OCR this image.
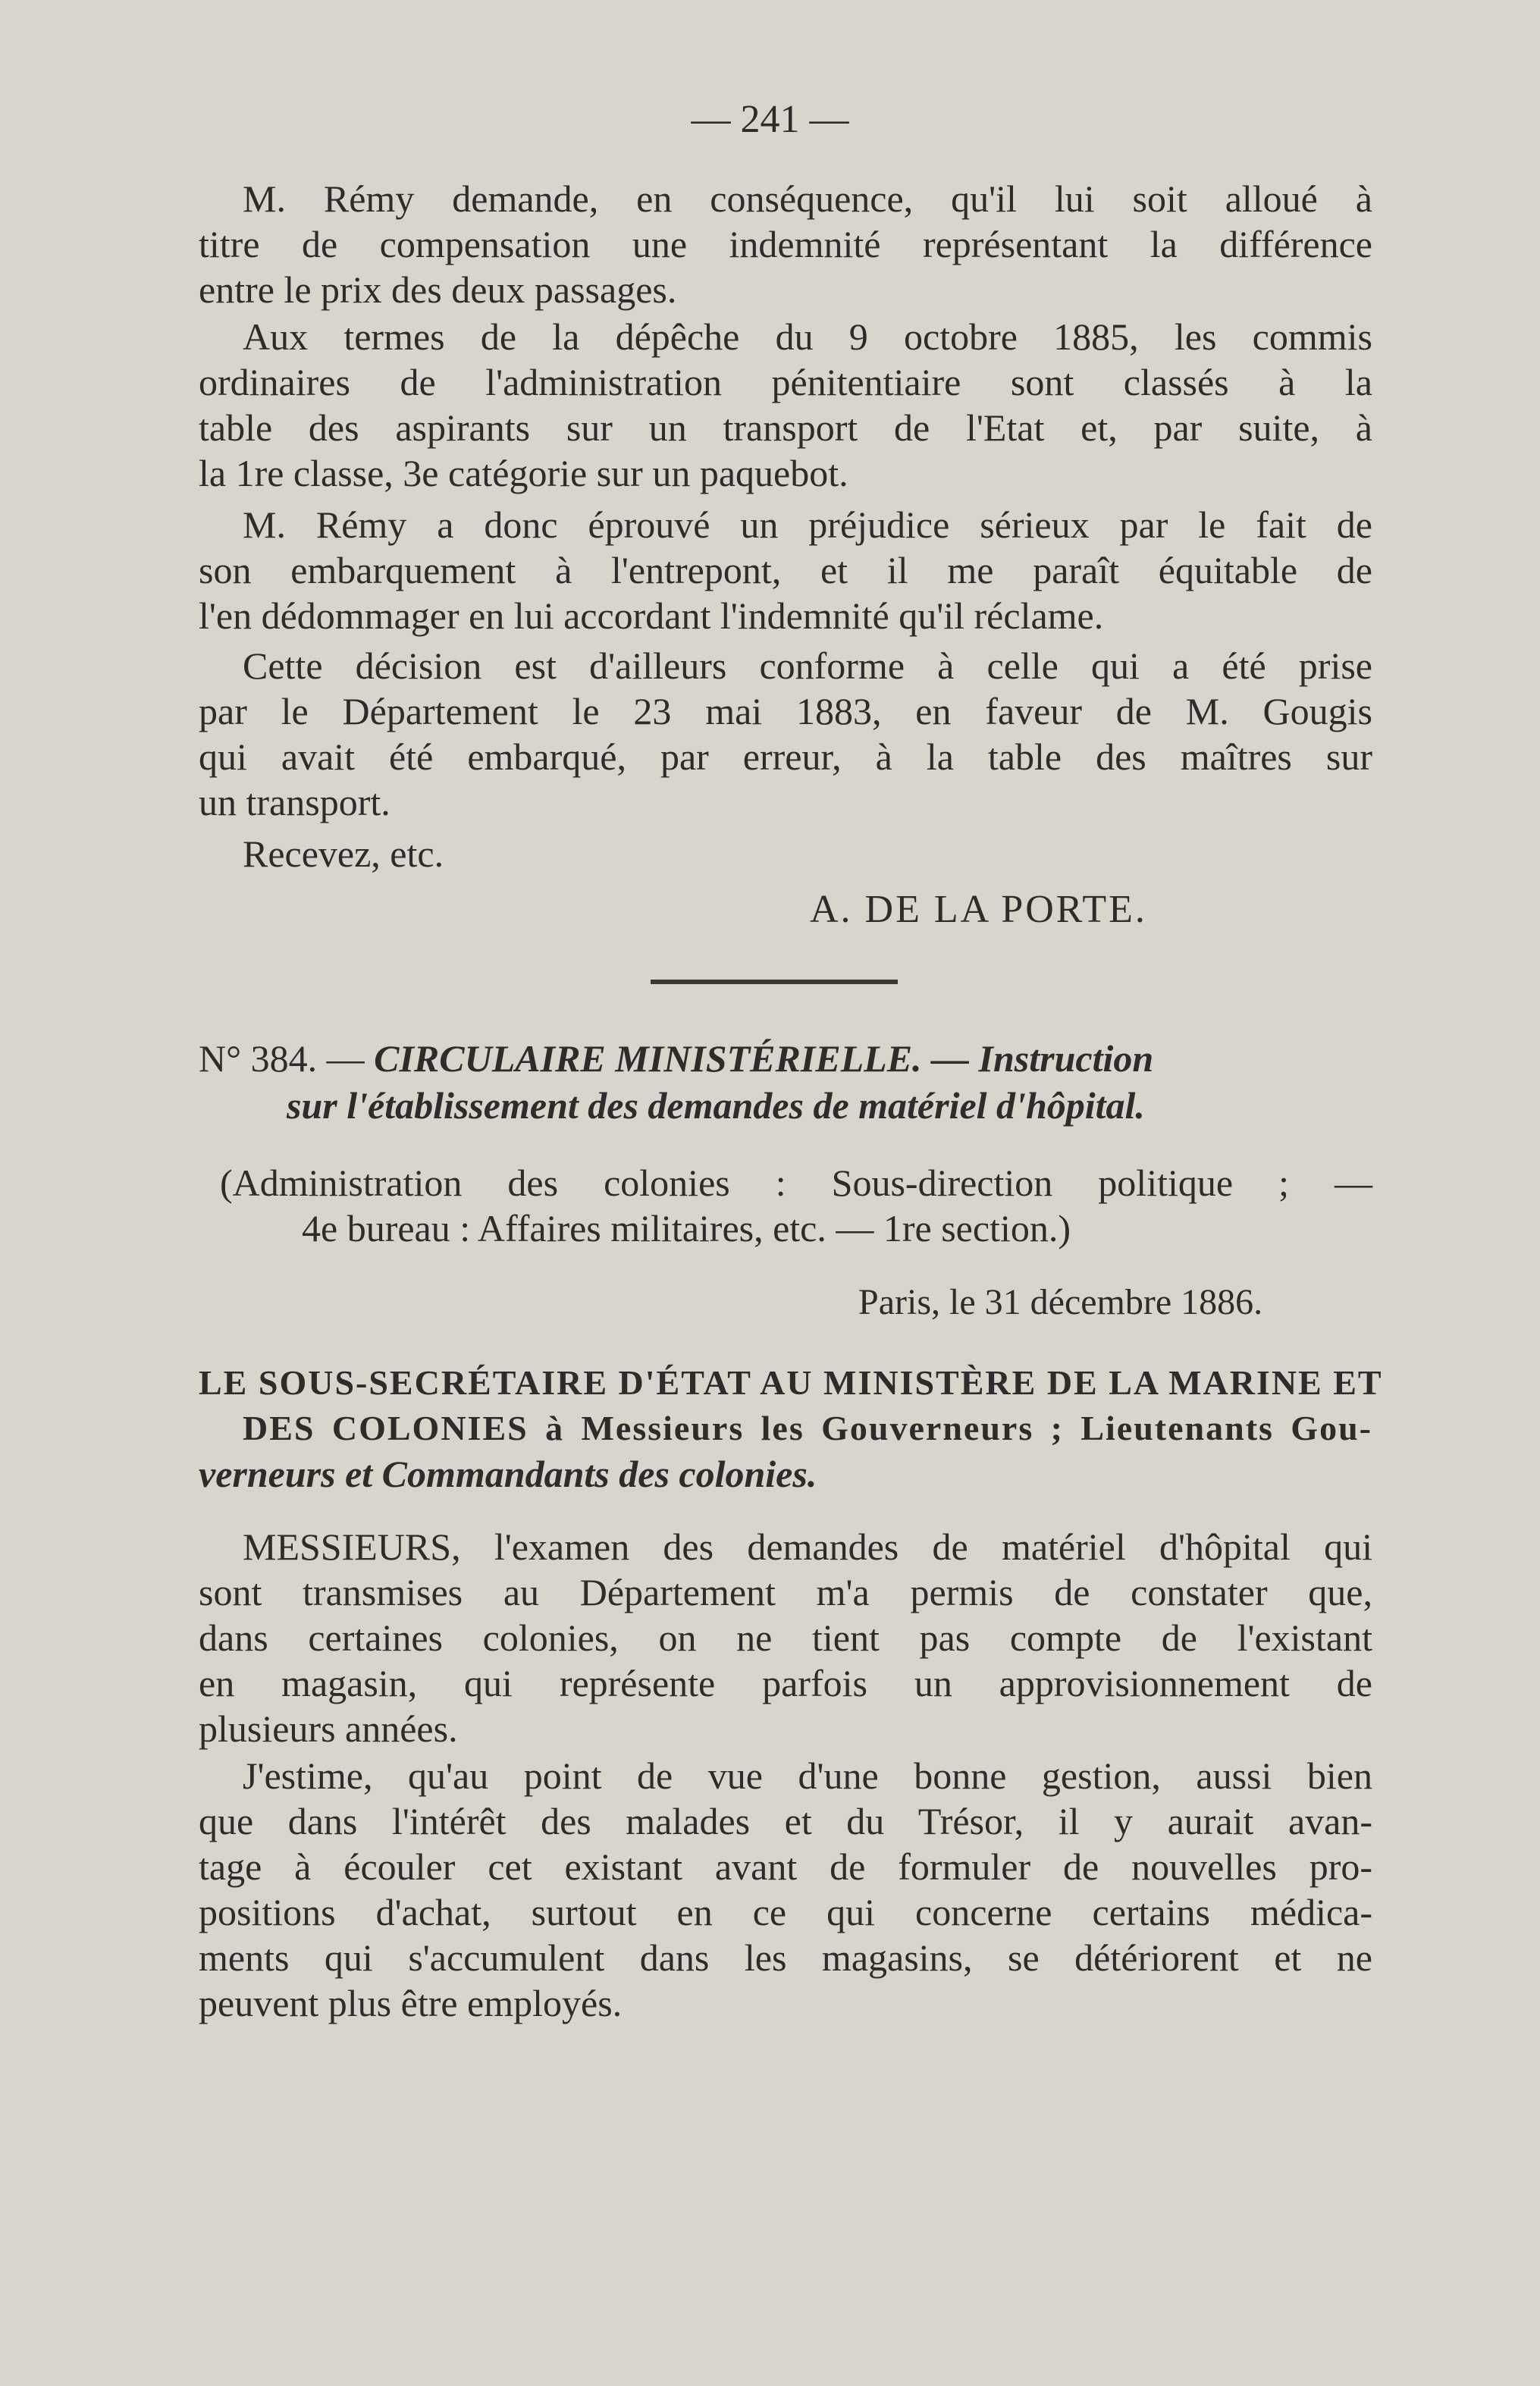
— 241 —
M. Rémy demande, en conséquence, qu'il lui soit alloué à
titre de compensation une indemnité représentant la différence
entre le prix des deux passages.
Aux termes de la dépêche du 9 octobre 1885, les commis
ordinaires de l'administration pénitentiaire sont classés à la
table des aspirants sur un transport de l'Etat et, par suite, à
la 1re classe, 3e catégorie sur un paquebot.
M. Rémy a donc éprouvé un préjudice sérieux par le fait de
son embarquement à l'entrepont, et il me paraît équitable de
l'en dédommager en lui accordant l'indemnité qu'il réclame.
Cette décision est d'ailleurs conforme à celle qui a été prise
par le Département le 23 mai 1883, en faveur de M. Gougis
qui avait été embarqué, par erreur, à la table des maîtres sur
un transport.
Recevez, etc.
A. DE LA PORTE.
N° 384. — CIRCULAIRE MINISTÉRIELLE. — Instruction
sur l'établissement des demandes de matériel d'hôpital.
(Administration des colonies : Sous-direction politique ; —
4e bureau : Affaires militaires, etc. — 1re section.)
Paris, le 31 décembre 1886.
LE SOUS-SECRÉTAIRE D'ÉTAT AU MINISTÈRE DE LA MARINE ET
DES COLONIES à Messieurs les Gouverneurs ; Lieutenants Gou-
verneurs et Commandants des colonies.
MESSIEURS, l'examen des demandes de matériel d'hôpital qui
sont transmises au Département m'a permis de constater que,
dans certaines colonies, on ne tient pas compte de l'existant
en magasin, qui représente parfois un approvisionnement de
plusieurs années.
J'estime, qu'au point de vue d'une bonne gestion, aussi bien
que dans l'intérêt des malades et du Trésor, il y aurait avan-
tage à écouler cet existant avant de formuler de nouvelles pro-
positions d'achat, surtout en ce qui concerne certains médica-
ments qui s'accumulent dans les magasins, se détériorent et ne
peuvent plus être employés.
